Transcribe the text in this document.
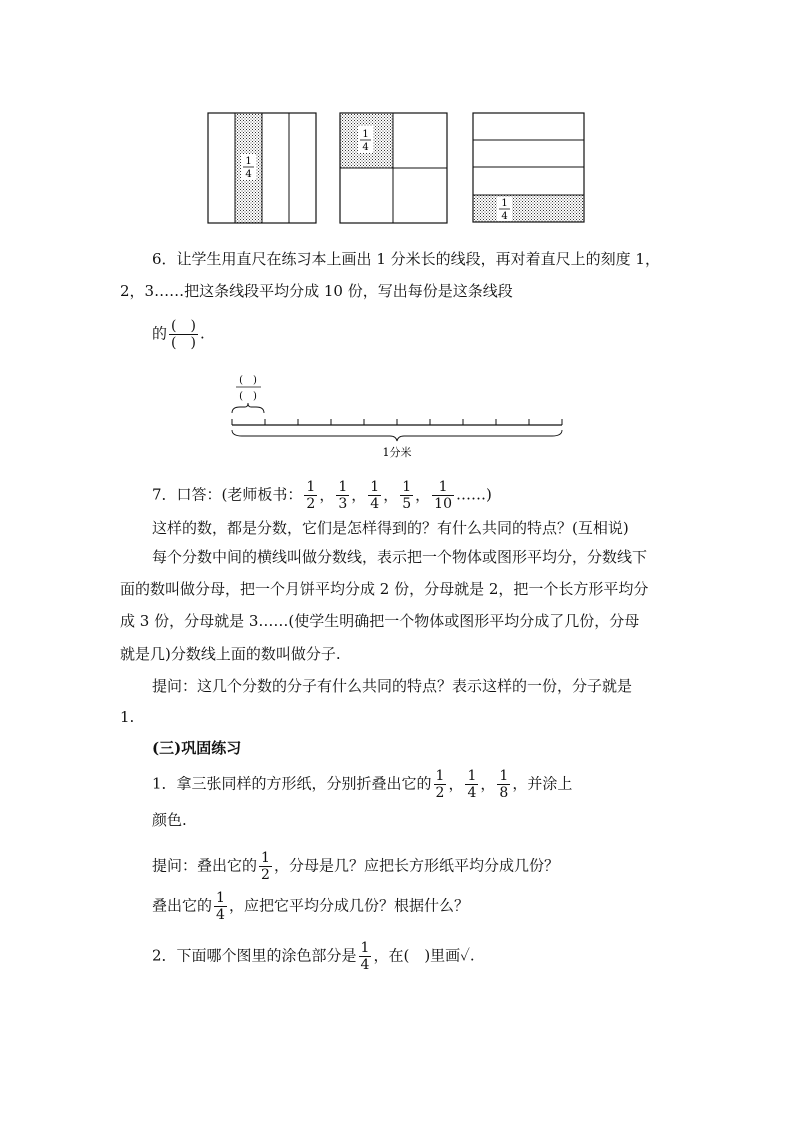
1
4
1
4
1
4
6．让学生用直尺在练习本上画出 1 分米长的线段，再对着直尺上的刻度 1，
2，3……把这条线段平均分成 10 份，写出每份是这条线段
的 $\frac{( )}{( )}$ .
(　)
(　)
1分米
7．口答：(老师板书： $\frac{1}{2}$ ， $\frac{1}{3}$ ， $\frac{1}{4}$ ， $\frac{1}{5}$ ， $\frac{1}{10}$ ……)
这样的数，都是分数，它们是怎样得到的？有什么共同的特点？(互相说)
每个分数中间的横线叫做分数线，表示把一个物体或图形平均分，分数线下
面的数叫做分母，把一个月饼平均分成 2 份，分母就是 2，把一个长方形平均分
成 3 份，分母就是 3……(使学生明确把一个物体或图形平均分成了几份，分母
就是几)分数线上面的数叫做分子.
提问：这几个分数的分子有什么共同的特点？表示这样的一份，分子就是
1.
(三)巩固练习
1．拿三张同样的方形纸，分别折叠出它的 $\frac{1}{2}$ ， $\frac{1}{4}$ ， $\frac{1}{8}$ ，并涂上
颜色.
提问：叠出它的 $\frac{1}{2}$ ，分母是几？应把长方形纸平均分成几份？
叠出它的 $\frac{1}{4}$ ，应把它平均分成几份？根据什么？
2．下面哪个图里的涂色部分是 $\frac{1}{4}$ ，在(　)里画✓.
